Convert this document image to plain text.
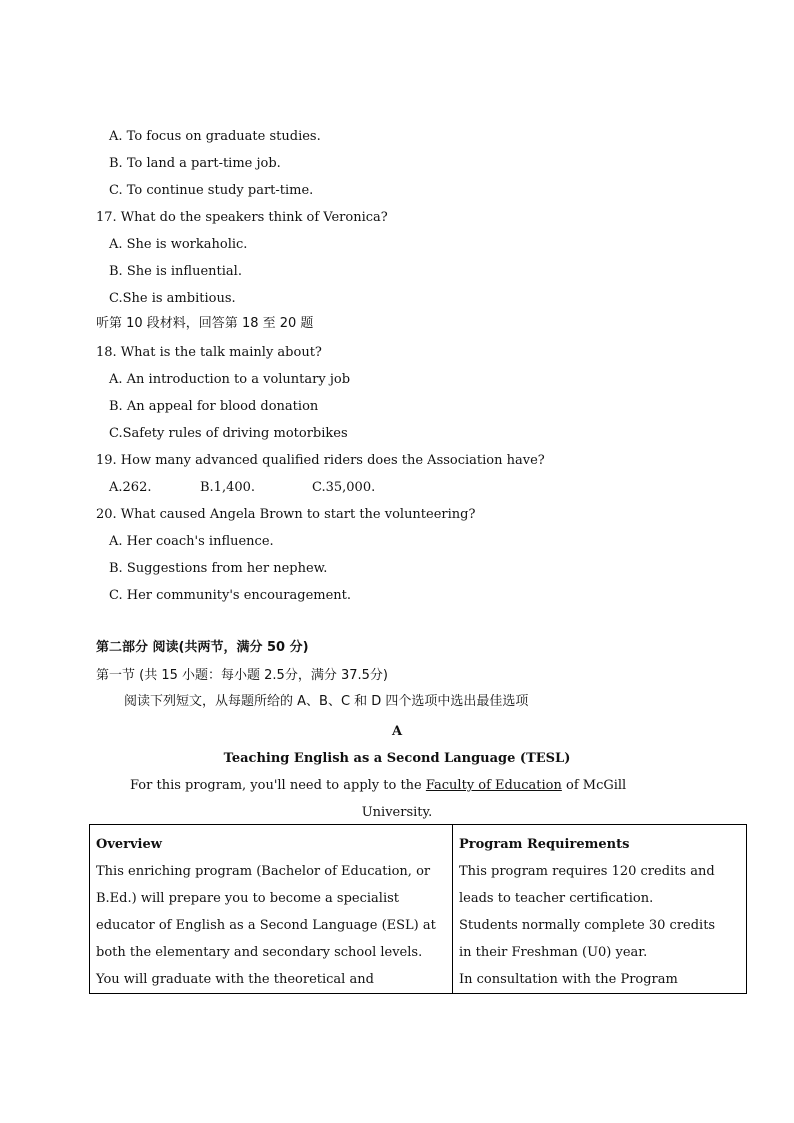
A. To focus on graduate studies.
B. To land a part-time job.
C. To continue study part-time.
17. What do the speakers think of Veronica?
A. She is workaholic.
B. She is influential.
C.She is ambitious.
听第 10 段材料，回答第 18 至 20 题
18. What is the talk mainly about?
A. An introduction to a voluntary job
B. An appeal for blood donation
C.Safety rules of driving motorbikes
19. How many advanced qualified riders does the Association have?
A.262.	B.1,400.	C.35,000.
20. What caused Angela Brown to start the volunteering?
A. Her coach's influence.
B. Suggestions from her nephew.
C. Her community's encouragement.
第二部分 阅读(共两节，满分 50 分)
第一节 (共 15 小题：每小题 2.5分，满分 37.5分)
阅读下列短文，从每题所给的 A、B、C 和 D 四个选项中选出最佳选项
A
Teaching English as a Second Language (TESL)
For this program, you'll need to apply to the Faculty of Education of McGill
University.
Overview
This enriching program (Bachelor of Education, or
B.Ed.) will prepare you to become a specialist
educator of English as a Second Language (ESL) at
both the elementary and secondary school levels.
You will graduate with the theoretical and

Program Requirements
This program requires 120 credits and
leads to teacher certification.
Students normally complete 30 credits
in their Freshman (U0) year.
In consultation with the Program
